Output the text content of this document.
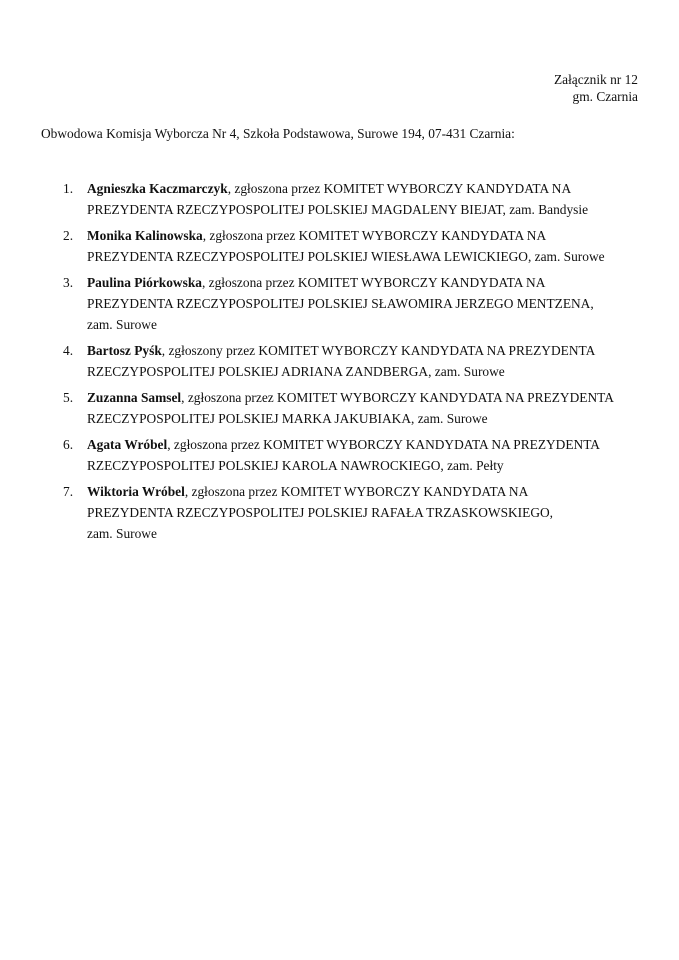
Załącznik nr 12
gm. Czarnia
Obwodowa Komisja Wyborcza Nr 4, Szkoła Podstawowa, Surowe 194, 07-431 Czarnia:
1. Agnieszka Kaczmarczyk, zgłoszona przez KOMITET WYBORCZY KANDYDATA NA
PREZYDENTA RZECZYPOSPOLITEJ POLSKIEJ MAGDALENY BIEJAT, zam. Bandysie
2. Monika Kalinowska, zgłoszona przez KOMITET WYBORCZY KANDYDATA NA
PREZYDENTA RZECZYPOSPOLITEJ POLSKIEJ WIESŁAWA LEWICKIEGO, zam. Surowe
3. Paulina Piórkowska, zgłoszona przez KOMITET WYBORCZY KANDYDATA NA
PREZYDENTA RZECZYPOSPOLITEJ POLSKIEJ SŁAWOMIRA JERZEGO MENTZENA,
zam. Surowe
4. Bartosz Pyśk, zgłoszony przez KOMITET WYBORCZY KANDYDATA NA PREZYDENTA
RZECZYPOSPOLITEJ POLSKIEJ ADRIANA ZANDBERGA, zam. Surowe
5. Zuzanna Samsel, zgłoszona przez KOMITET WYBORCZY KANDYDATA NA PREZYDENTA
RZECZYPOSPOLITEJ POLSKIEJ MARKA JAKUBIAKA, zam. Surowe
6. Agata Wróbel, zgłoszona przez KOMITET WYBORCZY KANDYDATA NA PREZYDENTA
RZECZYPOSPOLITEJ POLSKIEJ KAROLA NAWROCKIEGO, zam. Pełty
7. Wiktoria Wróbel, zgłoszona przez KOMITET WYBORCZY KANDYDATA NA
PREZYDENTA RZECZYPOSPOLITEJ POLSKIEJ RAFAŁA TRZASKOWSKIEGO,
zam. Surowe
